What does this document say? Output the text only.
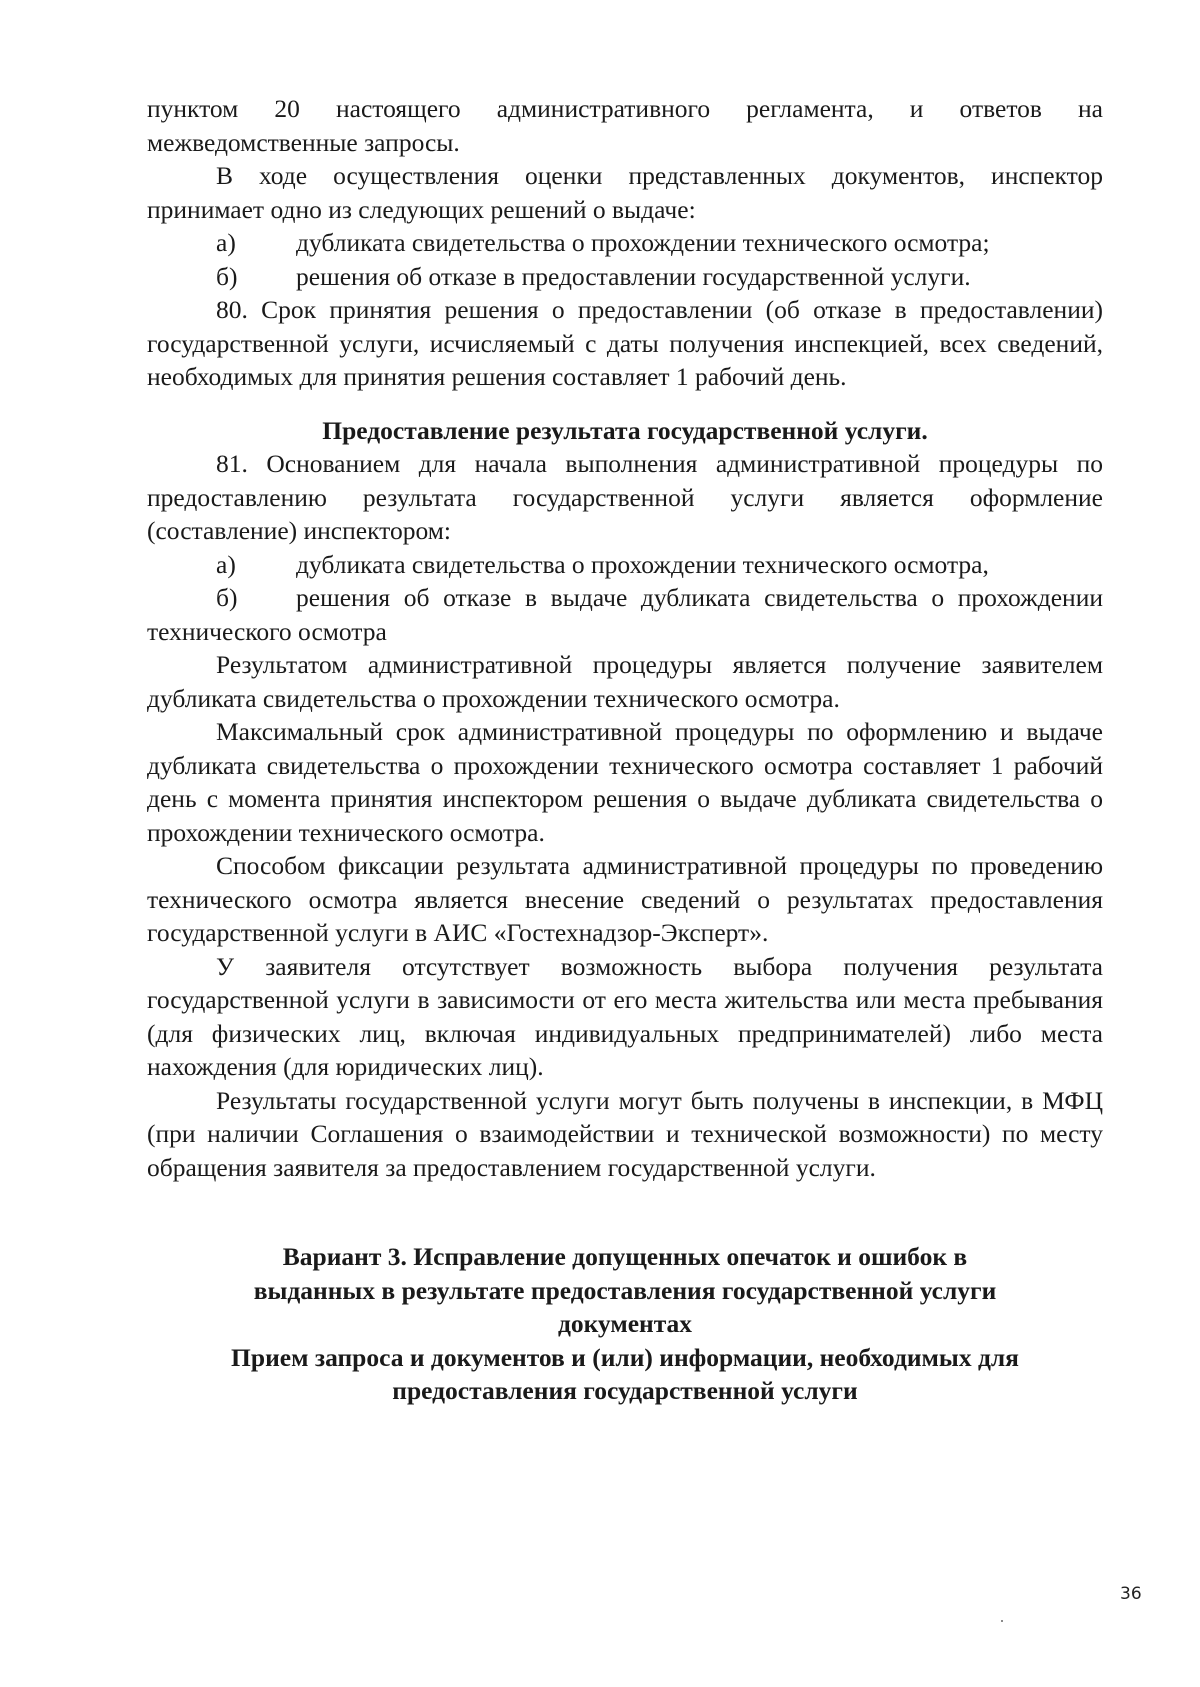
пунктом 20 настоящего административного регламента, и ответов на межведомственные запросы.

В ходе осуществления оценки представленных документов, инспектор принимает одно из следующих решений о выдаче:

а)	дубликата свидетельства о прохождении технического осмотра;
б)	решения об отказе в предоставлении государственной услуги.

80. Срок принятия решения о предоставлении (об отказе в предоставлении) государственной услуги, исчисляемый с даты получения инспекцией, всех сведений, необходимых для принятия решения составляет 1 рабочий день.

Предоставление результата государственной услуги.

81. Основанием для начала выполнения административной процедуры по предоставлению результата государственной услуги является оформление (составление) инспектором:

а)	дубликата свидетельства о прохождении технического осмотра,

б) решения об отказе в выдаче дубликата свидетельства о прохождении технического осмотра

Результатом административной процедуры является получение заявителем дубликата свидетельства о прохождении технического осмотра.

Максимальный срок административной процедуры по оформлению и выдаче дубликата свидетельства о прохождении технического осмотра составляет 1 рабочий день с момента принятия инспектором решения о выдаче дубликата свидетельства о прохождении технического осмотра.

Способом фиксации результата административной процедуры по проведению технического осмотра является внесение сведений о результатах предоставления государственной услуги в АИС «Гостехнадзор-Эксперт».

У заявителя отсутствует возможность выбора получения результата государственной услуги в зависимости от его места жительства или места пребывания (для физических лиц, включая индивидуальных предпринимателей) либо места нахождения (для юридических лиц).

Результаты государственной услуги могут быть получены в инспекции, в МФЦ (при наличии Соглашения о взаимодействии и технической возможности) по месту обращения заявителя за предоставлением государственной услуги.

Вариант 3. Исправление допущенных опечаток и ошибок в
выданных в результате предоставления государственной услуги
документах
Прием запроса и документов и (или) информации, необходимых для
предоставления государственной услуги
36
